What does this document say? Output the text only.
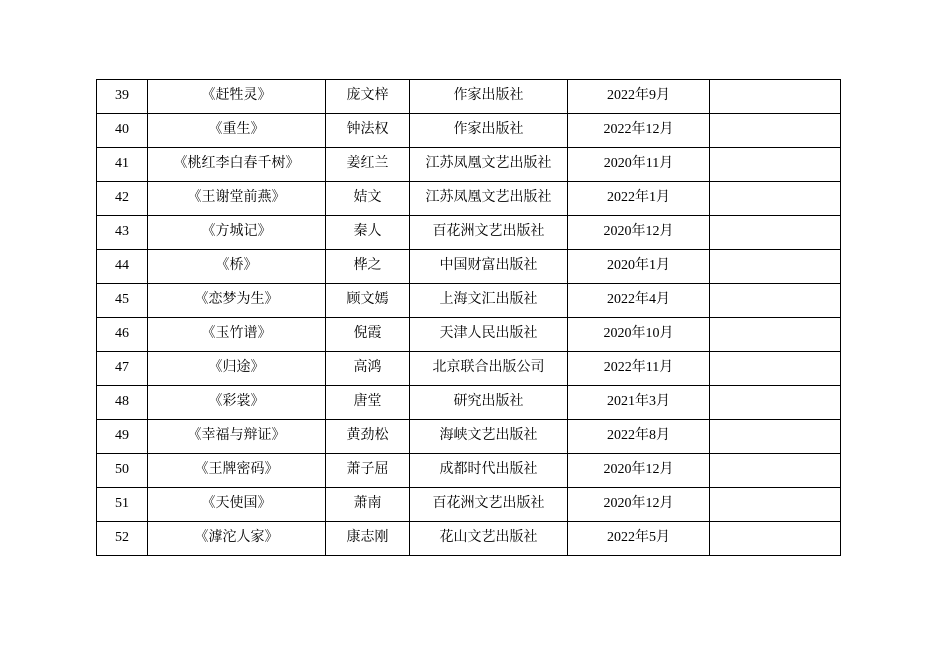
39	《赶牲灵》	庞文梓	作家出版社	2022年9月	
40	《重生》	钟法权	作家出版社	2022年12月	
41	《桃红李白春千树》	姜红兰	江苏凤凰文艺出版社	2020年11月	
42	《王谢堂前燕》	姞文	江苏凤凰文艺出版社	2022年1月	
43	《方城记》	秦人	百花洲文艺出版社	2020年12月	
44	《桥》	桦之	中国财富出版社	2020年1月	
45	《恋梦为生》	顾文嫣	上海文汇出版社	2022年4月	
46	《玉竹谱》	倪霞	天津人民出版社	2020年10月	
47	《归途》	高鸿	北京联合出版公司	2022年11月	
48	《彩裳》	唐堂	研究出版社	2021年3月	
49	《幸福与辩证》	黄劲松	海峡文艺出版社	2022年8月	
50	《王牌密码》	萧子屈	成都时代出版社	2020年12月	
51	《天使国》	萧南	百花洲文艺出版社	2020年12月	
52	《滹沱人家》	康志刚	花山文艺出版社	2022年5月	
